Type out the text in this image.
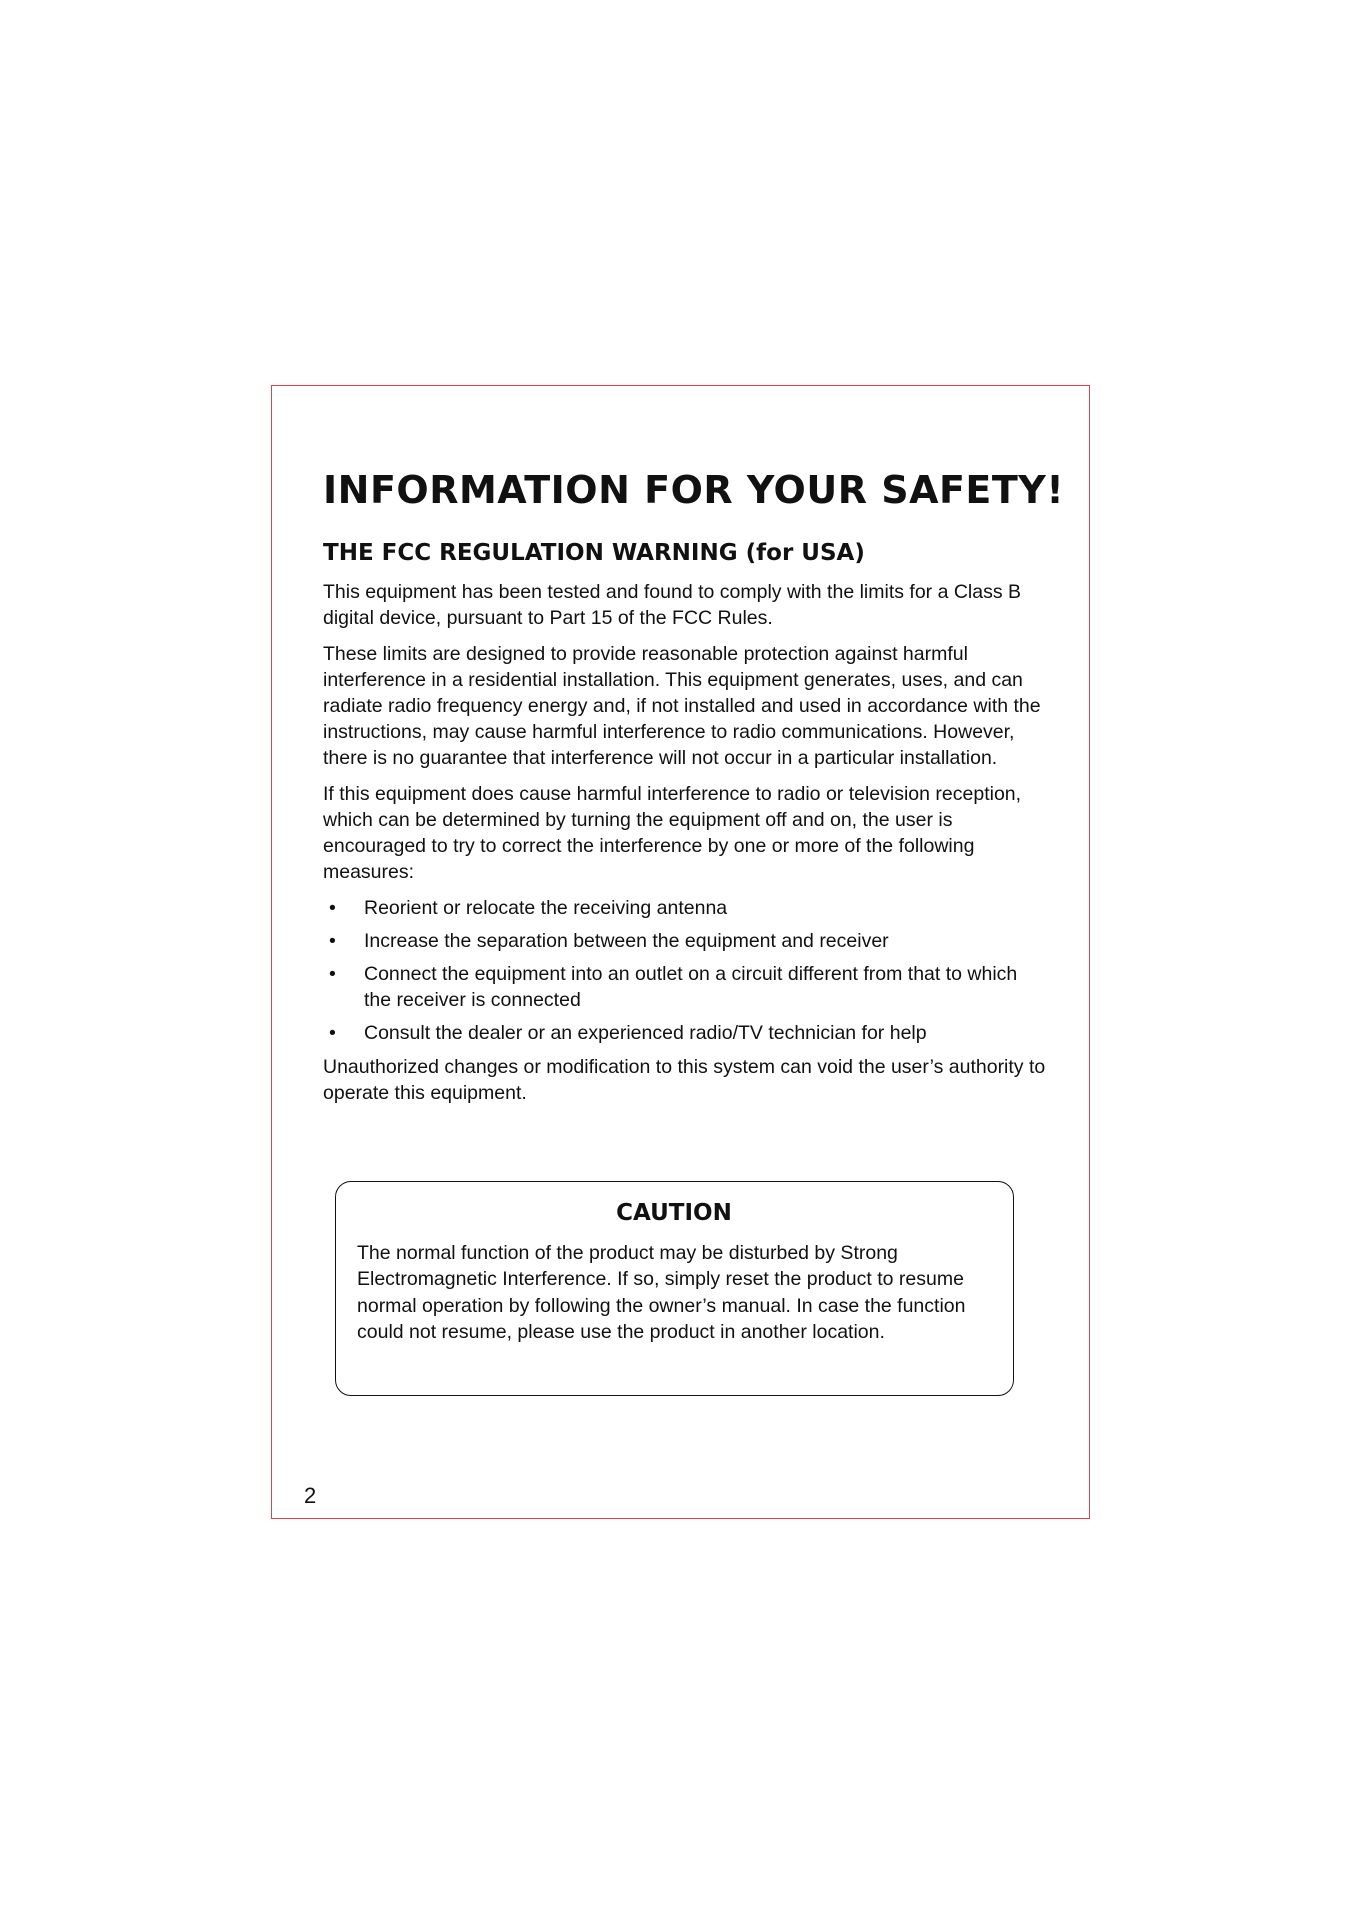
INFORMATION FOR YOUR SAFETY!
THE FCC REGULATION WARNING (for USA)

This equipment has been tested and found to comply with the limits for a Class B digital device, pursuant to Part 15 of the FCC Rules.

These limits are designed to provide reasonable protection against harmful interference in a residential installation. This equipment generates, uses, and can radiate radio frequency energy and, if not installed and used in accordance with the instructions, may cause harmful interference to radio communications. However, there is no guarantee that interference will not occur in a particular installation.

If this equipment does cause harmful interference to radio or television reception, which can be determined by turning the equipment off and on, the user is encouraged to try to correct the interference by one or more of the following measures:

• Reorient or relocate the receiving antenna
• Increase the separation between the equipment and receiver
• Connect the equipment into an outlet on a circuit different from that to which the receiver is connected
• Consult the dealer or an experienced radio/TV technician for help

Unauthorized changes or modification to this system can void the user’s authority to operate this equipment.

CAUTION

The normal function of the product may be disturbed by Strong Electromagnetic Interference. If so, simply reset the product to resume normal operation by following the owner’s manual. In case the function could not resume, please use the product in another location.

2
